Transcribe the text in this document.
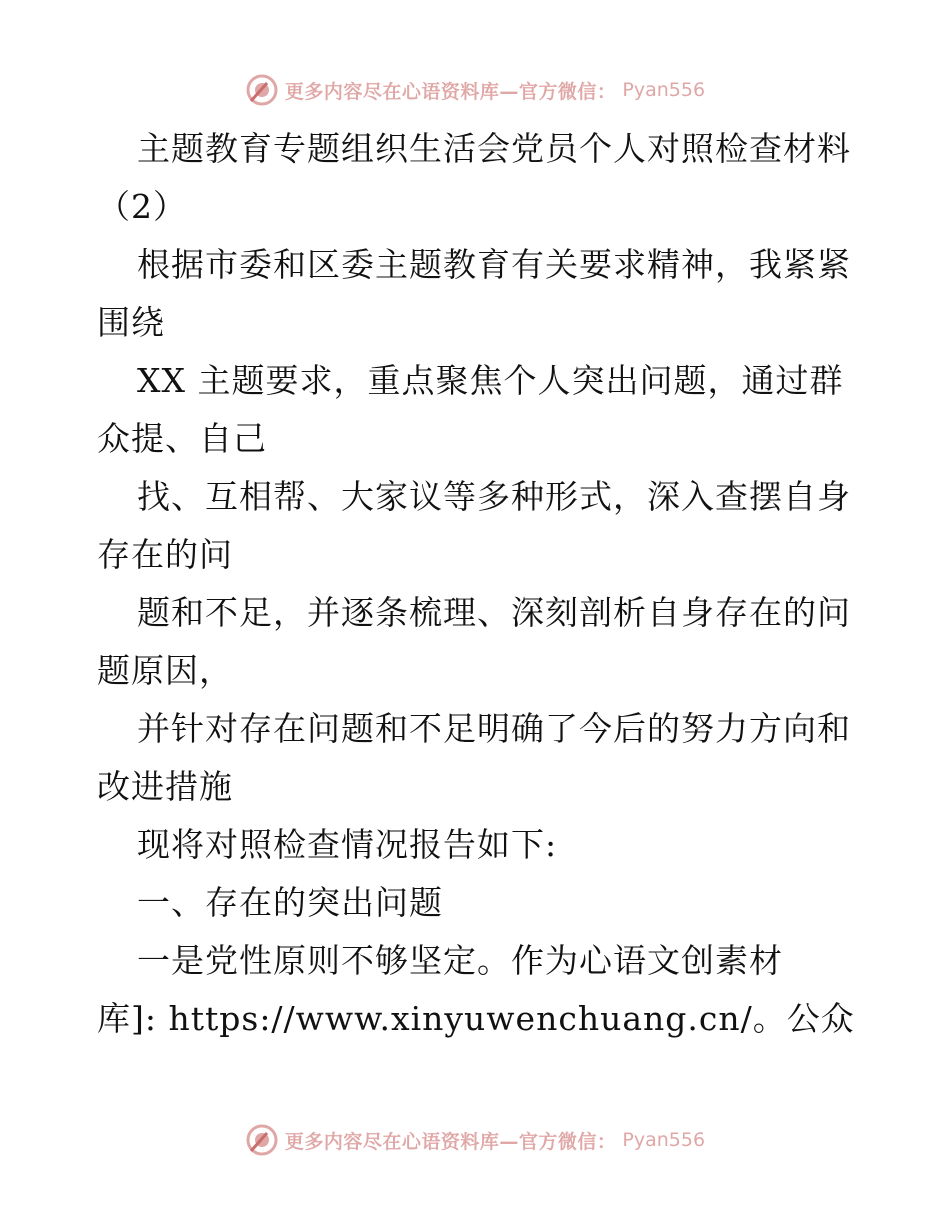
更多内容尽在心语资料库—官方微信： Pyan556
主题教育专题组织生活会党员个人对照检查材料
（2）
根据市委和区委主题教育有关要求精神，我紧紧
围绕
XX 主题要求，重点聚焦个人突出问题，通过群
众提、自己
找、互相帮、大家议等多种形式，深入查摆自身
存在的问
题和不足，并逐条梳理、深刻剖析自身存在的问
题原因，
并针对存在问题和不足明确了今后的努力方向和
改进措施
现将对照检查情况报告如下:
一、存在的突出问题
一是党性原则不够坚定。作为心语文创素材
库]: https://www.xinyuwenchuang.cn/。公众
更多内容尽在心语资料库—官方微信： Pyan556
